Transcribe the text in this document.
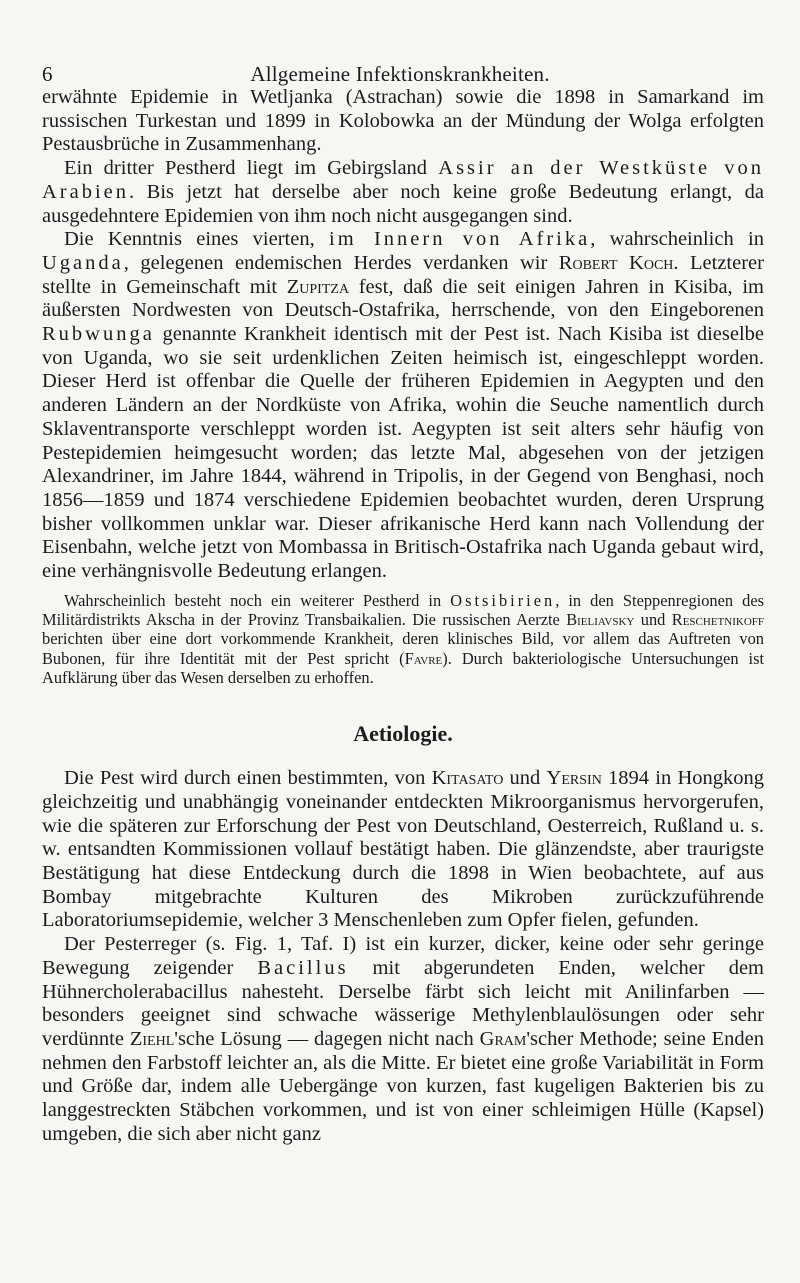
6	Allgemeine Infektionskrankheiten.

erwähnte Epidemie in Wetljanka (Astrachan) sowie die 1898 in Samarkand im russischen Turkestan und 1899 in Kolobowka an der Mündung der Wolga erfolgten Pestausbrüche in Zusammenhang.

Ein dritter Pestherd liegt im Gebirgsland Assir an der Westküste von Arabien. Bis jetzt hat derselbe aber noch keine große Bedeutung erlangt, da ausgedehntere Epidemien von ihm noch nicht ausgegangen sind.

Die Kenntnis eines vierten, im Innern von Afrika, wahrscheinlich in Uganda, gelegenen endemischen Herdes verdanken wir Robert Koch. Letzterer stellte in Gemeinschaft mit Zupitza fest, daß die seit einigen Jahren in Kisiba, im äußersten Nordwesten von Deutsch-Ostafrika, herrschende, von den Eingeborenen Rubwunga genannte Krankheit identisch mit der Pest ist. Nach Kisiba ist dieselbe von Uganda, wo sie seit urdenklichen Zeiten heimisch ist, eingeschleppt worden. Dieser Herd ist offenbar die Quelle der früheren Epidemien in Aegypten und den anderen Ländern an der Nordküste von Afrika, wohin die Seuche namentlich durch Sklaventransporte verschleppt worden ist. Aegypten ist seit alters sehr häufig von Pestepidemien heimgesucht worden; das letzte Mal, abgesehen von der jetzigen Alexandriner, im Jahre 1844, während in Tripolis, in der Gegend von Benghasi, noch 1856—1859 und 1874 verschiedene Epidemien beobachtet wurden, deren Ursprung bisher vollkommen unklar war. Dieser afrikanische Herd kann nach Vollendung der Eisenbahn, welche jetzt von Mombassa in Britisch-Ostafrika nach Uganda gebaut wird, eine verhängnisvolle Bedeutung erlangen.

Wahrscheinlich besteht noch ein weiterer Pestherd in Ostsibirien, in den Steppenregionen des Militärdistrikts Akscha in der Provinz Transbaikalien. Die russischen Aerzte Bieliavsky und Reschetnikoff berichten über eine dort vorkommende Krankheit, deren klinisches Bild, vor allem das Auftreten von Bubonen, für ihre Identität mit der Pest spricht (Favre). Durch bakteriologische Untersuchungen ist Aufklärung über das Wesen derselben zu erhoffen.

Aetiologie.

Die Pest wird durch einen bestimmten, von Kitasato und Yersin 1894 in Hongkong gleichzeitig und unabhängig voneinander entdeckten Mikroorganismus hervorgerufen, wie die späteren zur Erforschung der Pest von Deutschland, Oesterreich, Rußland u. s. w. entsandten Kommissionen vollauf bestätigt haben. Die glänzendste, aber traurigste Bestätigung hat diese Entdeckung durch die 1898 in Wien beobachtete, auf aus Bombay mitgebrachte Kulturen des Mikroben zurückzuführende Laboratoriumsepidemie, welcher 3 Menschenleben zum Opfer fielen, gefunden.

Der Pesterreger (s. Fig. 1, Taf. I) ist ein kurzer, dicker, keine oder sehr geringe Bewegung zeigender Bacillus mit abgerundeten Enden, welcher dem Hühnercholerabacillus nahesteht. Derselbe färbt sich leicht mit Anilinfarben — besonders geeignet sind schwache wässerige Methylenblaulösungen oder sehr verdünnte Ziehl'sche Lösung — dagegen nicht nach Gram'scher Methode; seine Enden nehmen den Farbstoff leichter an, als die Mitte. Er bietet eine große Variabilität in Form und Größe dar, indem alle Uebergänge von kurzen, fast kugeligen Bakterien bis zu langgestreckten Stäbchen vorkommen, und ist von einer schleimigen Hülle (Kapsel) umgeben, die sich aber nicht ganz
